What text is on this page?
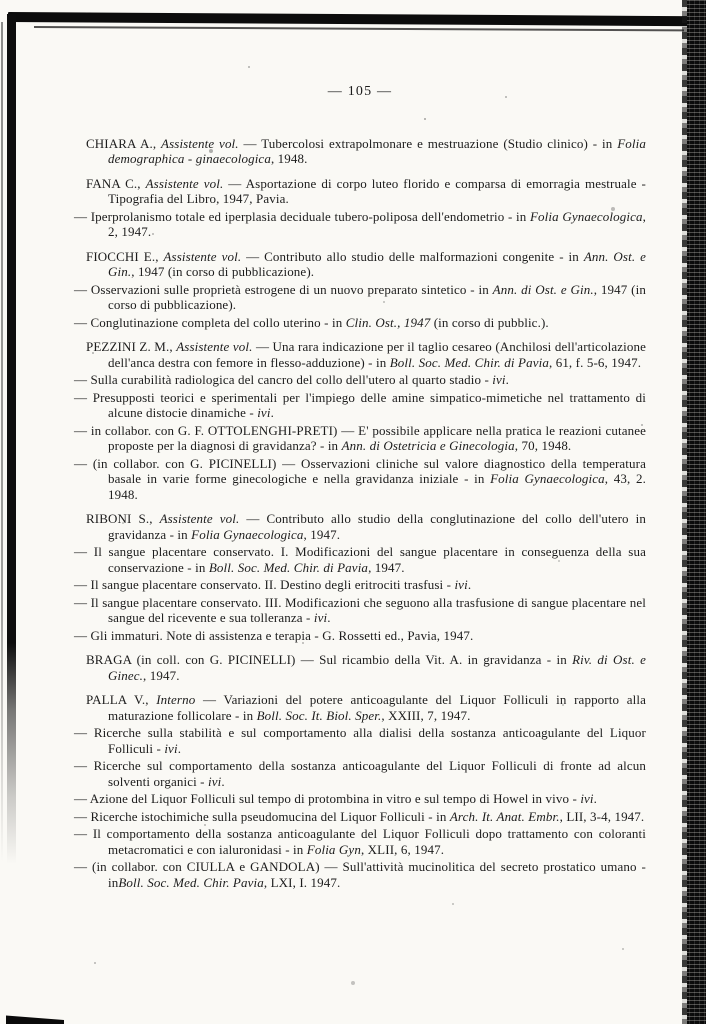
— 105 —

CHIARA A., Assistente vol. — Tubercolosi extrapolmonare e mestruazione (Studio clinico) - in Folia demographica - ginaecologica, 1948.

FANA C., Assistente vol. — Asportazione di corpo luteo florido e comparsa di emorragia mestruale - Tipografia del Libro, 1947, Pavia.

— Iperprolanismo totale ed iperplasia deciduale tubero-poliposa dell'endometrio - in Folia Gynaecologica, 2, 1947.

FIOCCHI E., Assistente vol. — Contributo allo studio delle malformazioni congenite - in Ann. Ost. e Gin., 1947 (in corso di pubblicazione).

— Osservazioni sulle proprietà estrogene di un nuovo preparato sintetico - in Ann. di Ost. e Gin., 1947 (in corso di pubblicazione).

— Conglutinazione completa del collo uterino - in Clin. Ost., 1947 (in corso di pubblic.).

PEZZINI Z. M., Assistente vol. — Una rara indicazione per il taglio cesareo (Anchilosi dell'articolazione dell'anca destra con femore in flesso-adduzione) - in Boll. Soc. Med. Chir. di Pavia, 61, f. 5-6, 1947.

— Sulla curabilità radiologica del cancro del collo dell'utero al quarto stadio - ivi.

— Presupposti teorici e sperimentali per l'impiego delle amine simpatico-mimetiche nel trattamento di alcune distocie dinamiche - ivi.

— in collabor. con G. F. OTTOLENGHI-PRETI) — E' possibile applicare nella pratica le reazioni cutanee proposte per la diagnosi di gravidanza? - in Ann. di Ostetricia e Ginecologia, 70, 1948.

— (in collabor. con G. PICINELLI) — Osservazioni cliniche sul valore diagnostico della temperatura basale in varie forme ginecologiche e nella gravidanza iniziale - in Folia Gynaecologica, 43, 2. 1948.

RIBONI S., Assistente vol. — Contributo allo studio della conglutinazione del collo dell'utero in gravidanza - in Folia Gynaecologica, 1947.

— Il sangue placentare conservato. I. Modificazioni del sangue placentare in conseguenza della sua conservazione - in Boll. Soc. Med. Chir. di Pavia, 1947.

— Il sangue placentare conservato. II. Destino degli eritrociti trasfusi - ivi.

— Il sangue placentare conservato. III. Modificazioni che seguono alla trasfusione di sangue placentare nel sangue del ricevente e sua tolleranza - ivi.

— Gli immaturi. Note di assistenza e terapia - G. Rossetti ed., Pavia, 1947.

BRAGA (in coll. con G. PICINELLI) — Sul ricambio della Vit. A. in gravidanza - in Riv. di Ost. e Ginec., 1947.

PALLA V., Interno — Variazioni del potere anticoagulante del Liquor Folliculi in rapporto alla maturazione follicolare - in Boll. Soc. It. Biol. Sper., XXIII, 7, 1947.

— Ricerche sulla stabilità e sul comportamento alla dialisi della sostanza anticoagulante del Liquor Folliculi - ivi.

— Ricerche sul comportamento della sostanza anticoagulante del Liquor Folliculi di fronte ad alcun solventi organici - ivi.

— Azione del Liquor Folliculi sul tempo di protombina in vitro e sul tempo di Howel in vivo - ivi.

— Ricerche istochimiche sulla pseudomucina del Liquor Folliculi - in Arch. It. Anat. Embr., LII, 3-4, 1947.

— Il comportamento della sostanza anticoagulante del Liquor Folliculi dopo trattamento con coloranti metacromatici e con ialuronidasi - in Folia Gyn, XLII, 6, 1947.

— (in collabor. con CIULLA e GANDOLA) — Sull'attività mucinolitica del secreto prostatico umano - inBoll. Soc. Med. Chir. Pavia, LXI, I. 1947.
